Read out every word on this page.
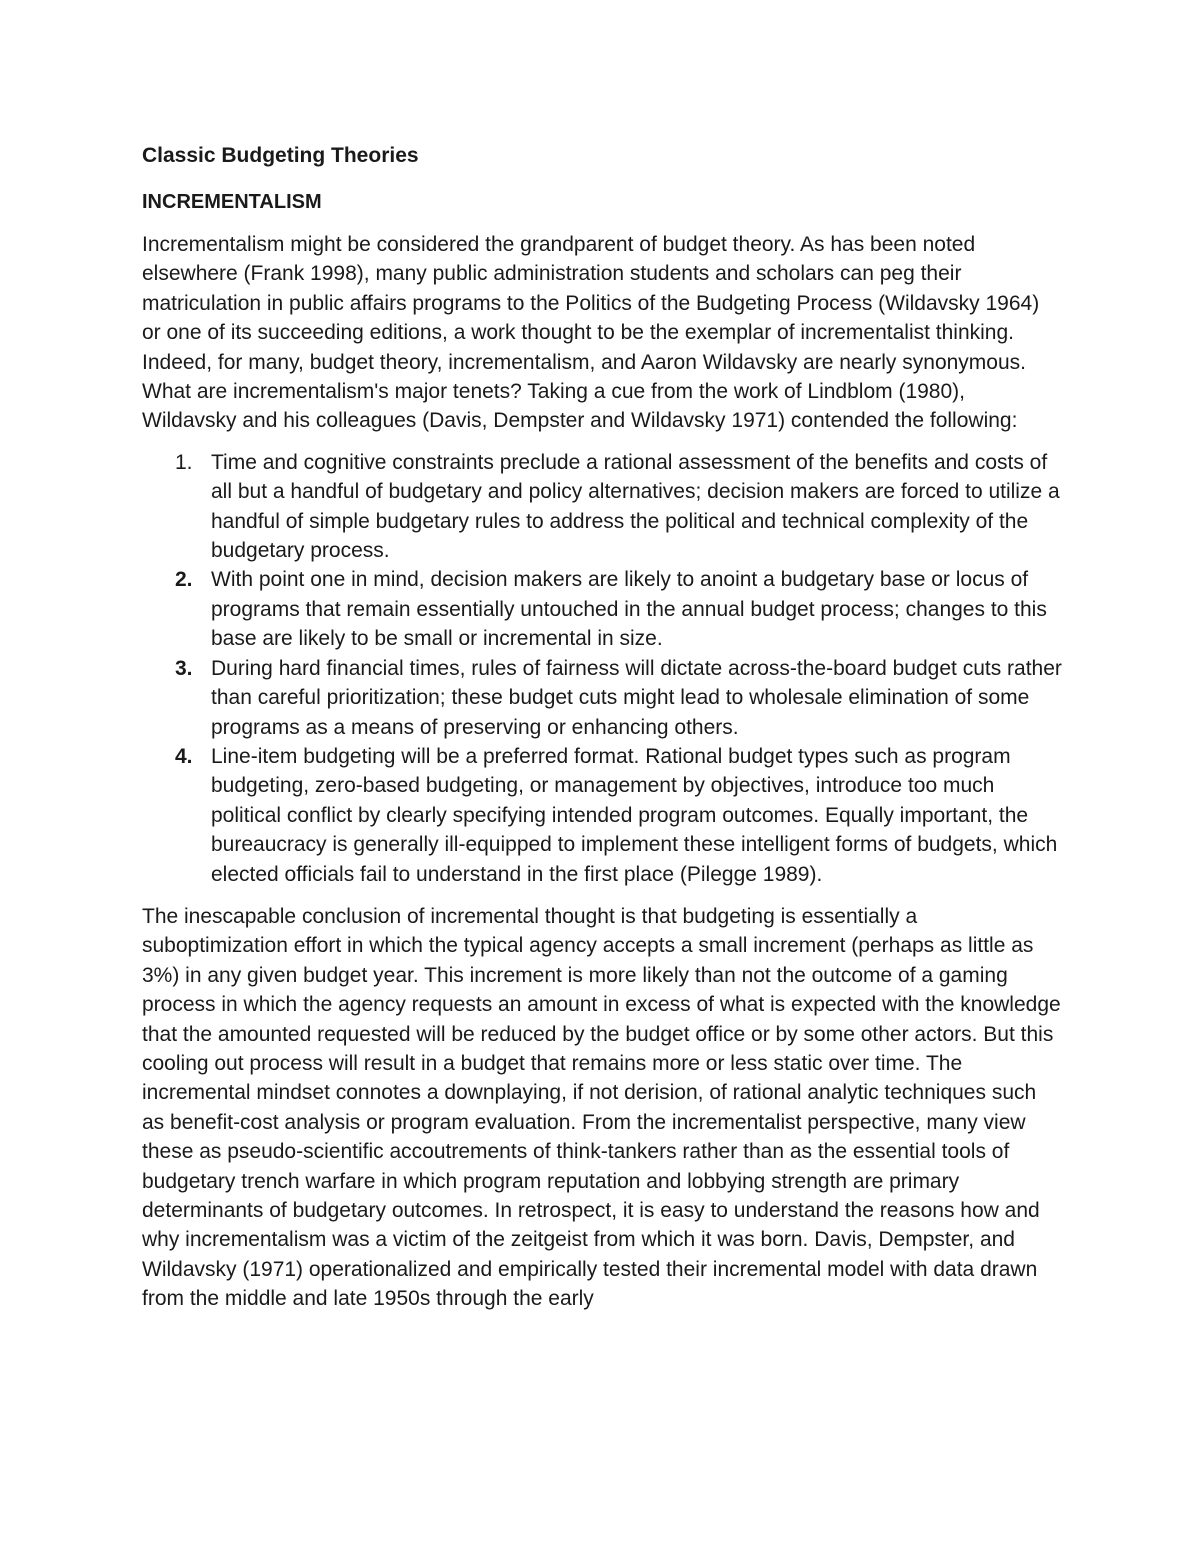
Classic Budgeting Theories
INCREMENTALISM

Incrementalism might be considered the grandparent of budget theory. As has been noted elsewhere (Frank 1998), many public administration students and scholars can peg their matriculation in public affairs programs to the Politics of the Budgeting Process (Wildavsky 1964) or one of its succeeding editions, a work thought to be the exemplar of incrementalist thinking. Indeed, for many, budget theory, incrementalism, and Aaron Wildavsky are nearly synonymous. What are incrementalism's major tenets? Taking a cue from the work of Lindblom (1980), Wildavsky and his colleagues (Davis, Dempster and Wildavsky 1971) contended the following:

1. Time and cognitive constraints preclude a rational assessment of the benefits and costs of all but a handful of budgetary and policy alternatives; decision makers are forced to utilize a handful of simple budgetary rules to address the political and technical complexity of the budgetary process.
2. With point one in mind, decision makers are likely to anoint a budgetary base or locus of programs that remain essentially untouched in the annual budget process; changes to this base are likely to be small or incremental in size.
3. During hard financial times, rules of fairness will dictate across-the-board budget cuts rather than careful prioritization; these budget cuts might lead to wholesale elimination of some programs as a means of preserving or enhancing others.
4. Line-item budgeting will be a preferred format. Rational budget types such as program budgeting, zero-based budgeting, or management by objectives, introduce too much political conflict by clearly specifying intended program outcomes. Equally important, the bureaucracy is generally ill-equipped to implement these intelligent forms of budgets, which elected officials fail to understand in the first place (Pilegge 1989).

The inescapable conclusion of incremental thought is that budgeting is essentially a suboptimization effort in which the typical agency accepts a small increment (perhaps as little as 3%) in any given budget year. This increment is more likely than not the outcome of a gaming process in which the agency requests an amount in excess of what is expected with the knowledge that the amounted requested will be reduced by the budget office or by some other actors. But this cooling out process will result in a budget that remains more or less static over time. The incremental mindset connotes a downplaying, if not derision, of rational analytic techniques such as benefit-cost analysis or program evaluation. From the incrementalist perspective, many view these as pseudo-scientific accoutrements of think-tankers rather than as the essential tools of budgetary trench warfare in which program reputation and lobbying strength are primary determinants of budgetary outcomes. In retrospect, it is easy to understand the reasons how and why incrementalism was a victim of the zeitgeist from which it was born. Davis, Dempster, and Wildavsky (1971) operationalized and empirically tested their incremental model with data drawn from the middle and late 1950s through the early
